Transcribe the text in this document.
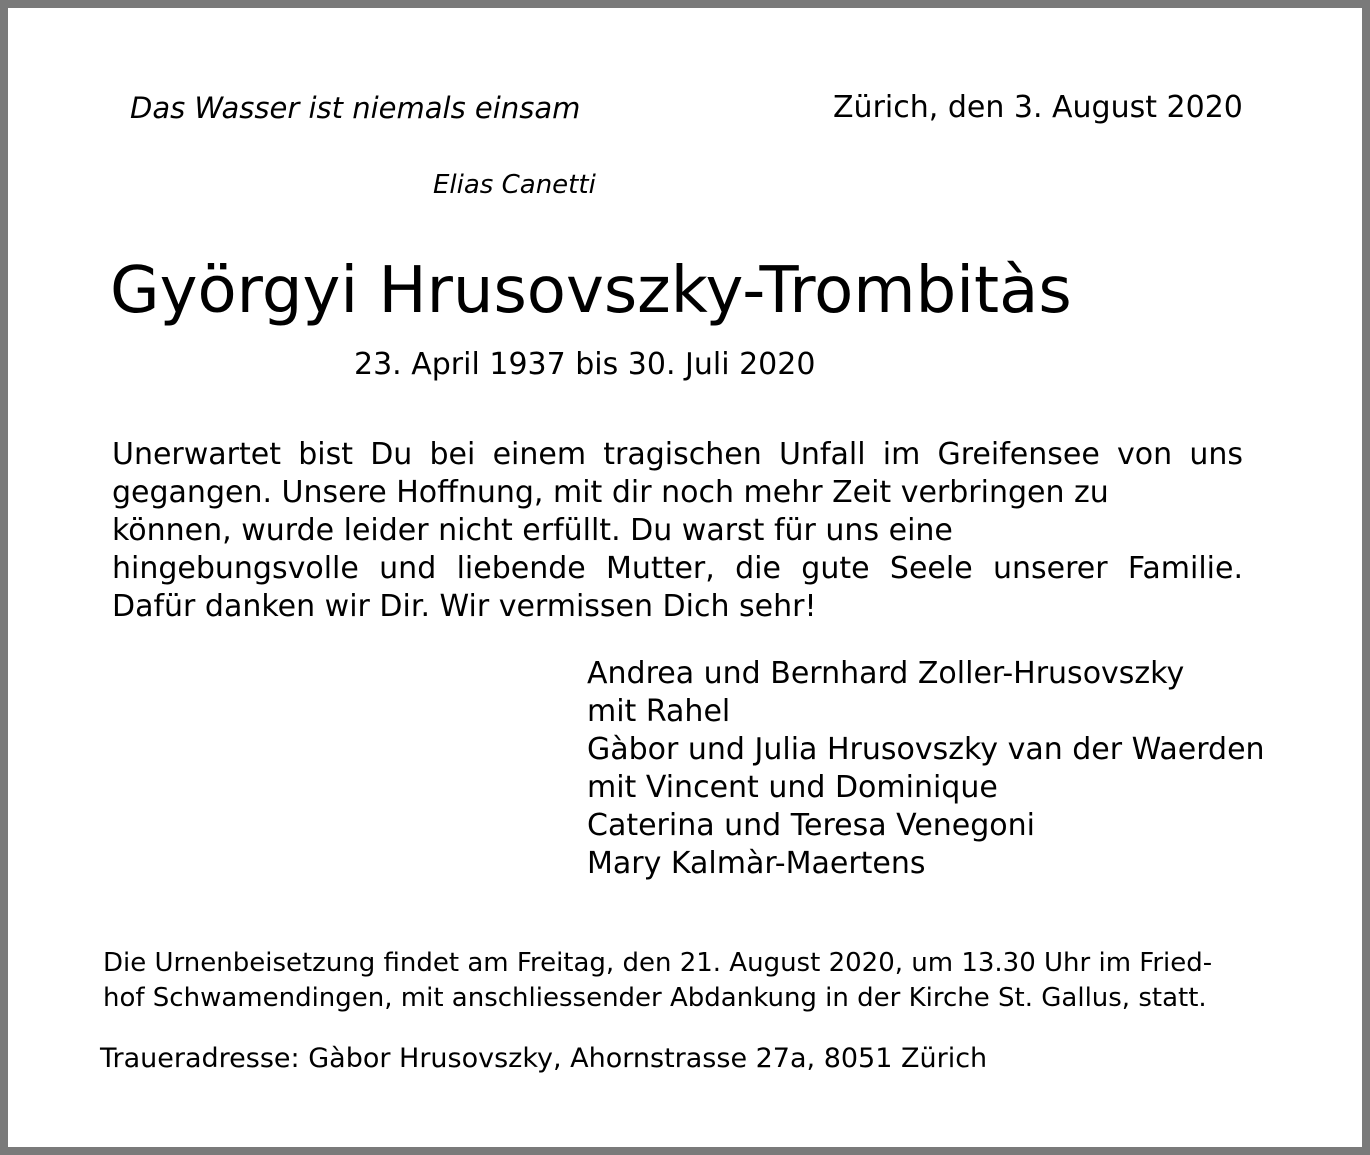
Das Wasser ist niemals einsam

Elias Canetti

Zürich, den 3. August 2020

Györgyi Hrusovszky-Trombitàs

23. April 1937 bis 30. Juli 2020

Unerwartet bist Du bei einem tragischen Unfall im Greifensee von uns
gegangen. Unsere Hoffnung, mit dir noch mehr Zeit verbringen zu
können, wurde leider nicht erfüllt. Du warst für uns eine
hingebungsvolle und liebende Mutter, die gute Seele unserer Familie.
Dafür danken wir Dir. Wir vermissen Dich sehr!
Andrea und Bernhard Zoller-Hrusovszky
mit Rahel
Gàbor und Julia Hrusovszky van der Waerden
mit Vincent und Dominique
Caterina und Teresa Venegoni
Mary Kalmàr-Maertens
Die Urnenbeisetzung findet am Freitag, den 21. August 2020, um 13.30 Uhr im Fried-
hof Schwamendingen, mit anschliessender Abdankung in der Kirche St. Gallus, statt.

Traueradresse: Gàbor Hrusovszky, Ahornstrasse 27a, 8051 Zürich
